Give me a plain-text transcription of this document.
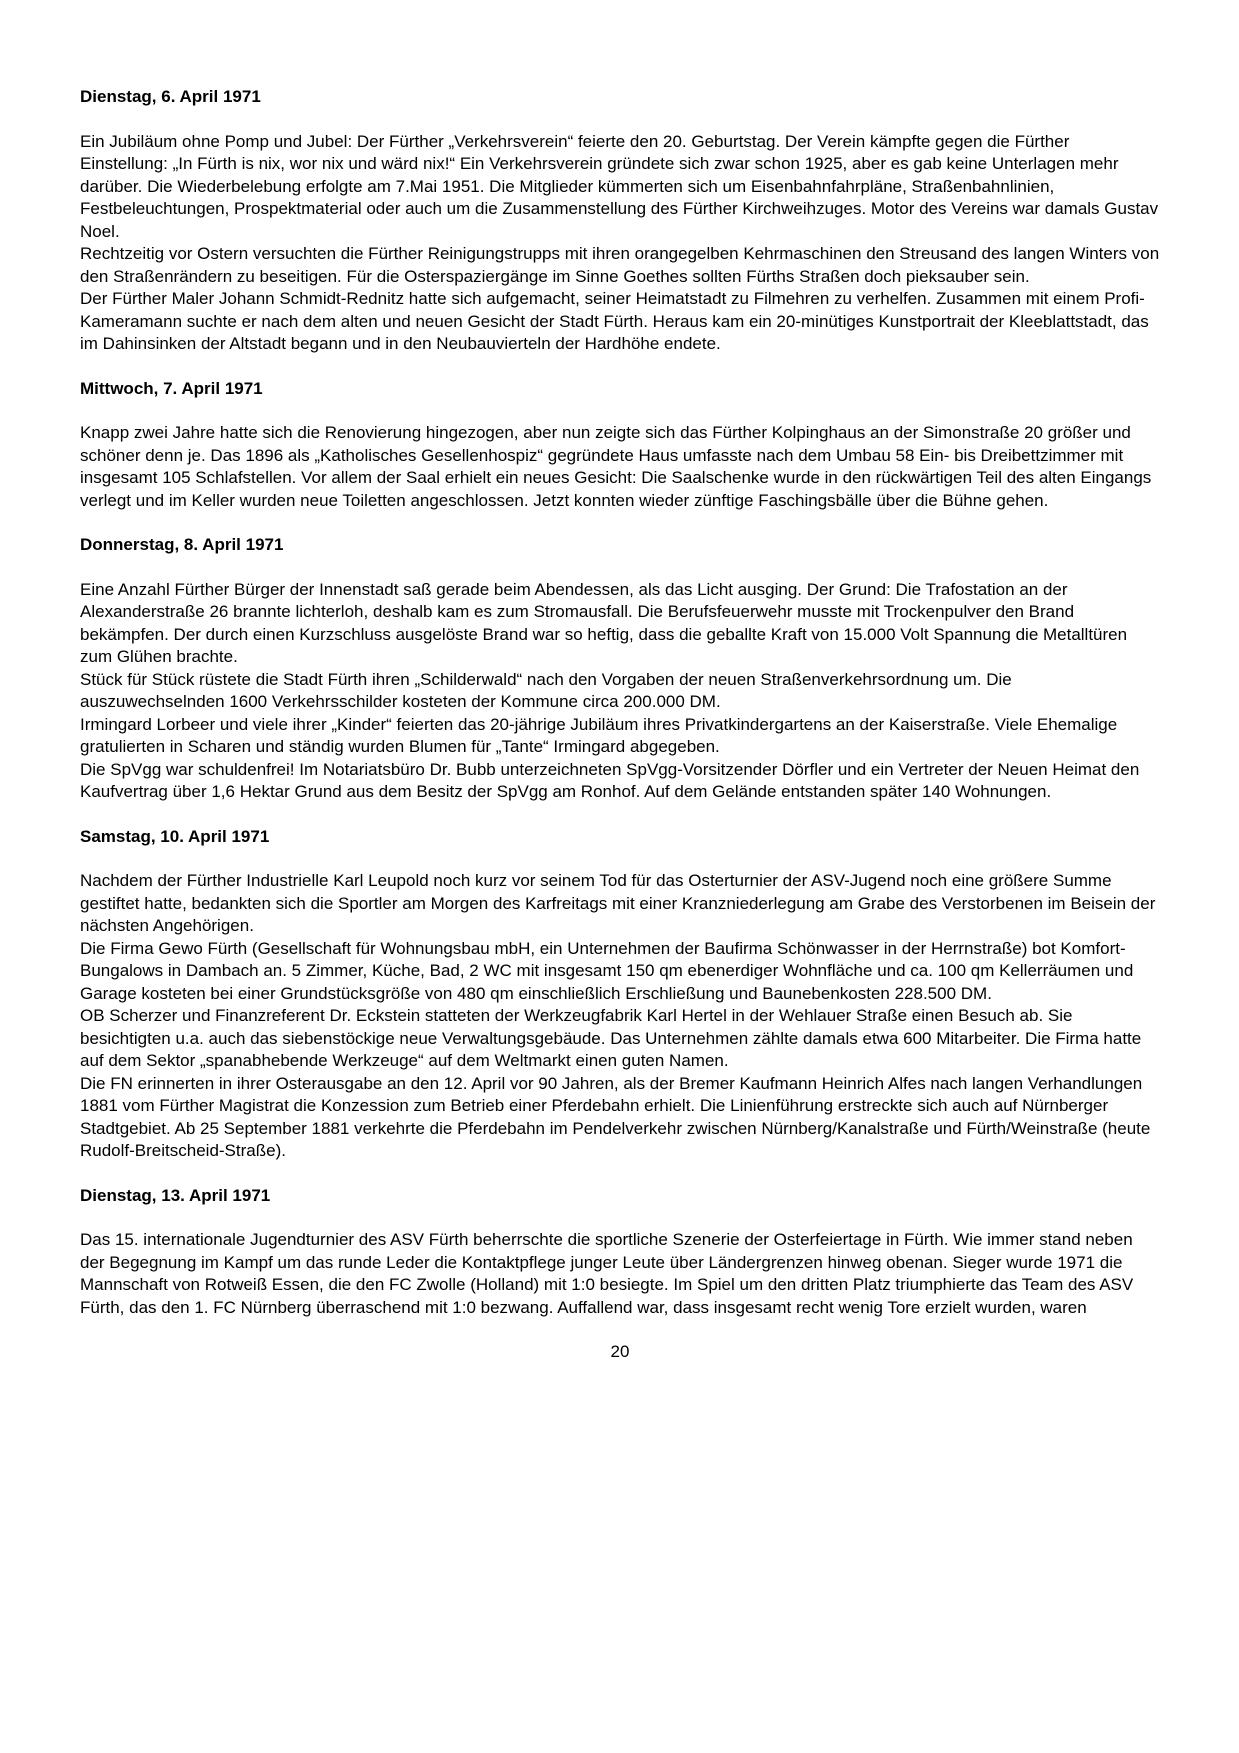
Dienstag, 6. April 1971

Ein Jubiläum ohne Pomp und Jubel: Der Fürther „Verkehrsverein“ feierte den 20. Geburtstag. Der Verein kämpfte gegen die Fürther Einstellung: „In Fürth is nix, wor nix und wärd nix!“ Ein Verkehrsverein gründete sich zwar schon 1925, aber es gab keine Unterlagen mehr darüber. Die Wiederbelebung erfolgte am 7.Mai 1951. Die Mitglieder kümmerten sich um Eisenbahnfahrpläne, Straßenbahnlinien, Festbeleuchtungen, Prospektmaterial oder auch um die Zusammenstellung des Fürther Kirchweihzuges. Motor des Vereins war damals Gustav Noel.

Rechtzeitig vor Ostern versuchten die Fürther Reinigungstrupps mit ihren orangegelben Kehrmaschinen den Streusand des langen Winters von den Straßenrändern zu beseitigen. Für die Osterspaziergänge im Sinne Goethes sollten Fürths Straßen doch pieksauber sein.

Der Fürther Maler Johann Schmidt-Rednitz hatte sich aufgemacht, seiner Heimatstadt zu Filmehren zu verhelfen. Zusammen mit einem Profi-Kameramann suchte er nach dem alten und neuen Gesicht der Stadt Fürth. Heraus kam ein 20-minütiges Kunstportrait der Kleeblattstadt, das im Dahinsinken der Altstadt begann und in den Neubauvierteln der Hardhöhe endete.

Mittwoch, 7. April 1971

Knapp zwei Jahre hatte sich die Renovierung hingezogen, aber nun zeigte sich das Fürther Kolpinghaus an der Simonstraße 20 größer und schöner denn je. Das 1896 als „Katholisches Gesellenhospiz“ gegründete Haus umfasste nach dem Umbau 58 Ein- bis Dreibettzimmer mit insgesamt 105 Schlafstellen. Vor allem der Saal erhielt ein neues Gesicht: Die Saalschenke wurde in den rückwärtigen Teil des alten Eingangs verlegt und im Keller wurden neue Toiletten angeschlossen. Jetzt konnten wieder zünftige Faschingsbälle über die Bühne gehen.

Donnerstag, 8. April 1971

Eine Anzahl Fürther Bürger der Innenstadt saß gerade beim Abendessen, als das Licht ausging. Der Grund: Die Trafostation an der Alexanderstraße 26 brannte lichterloh, deshalb kam es zum Stromausfall. Die Berufsfeuerwehr musste mit Trockenpulver den Brand bekämpfen. Der durch einen Kurzschluss ausgelöste Brand war so heftig, dass die geballte Kraft von 15.000 Volt Spannung die Metalltüren zum Glühen brachte.

Stück für Stück rüstete die Stadt Fürth ihren „Schilderwald“ nach den Vorgaben der neuen Straßenverkehrsordnung um. Die auszuwechselnden 1600 Verkehrsschilder kosteten der Kommune circa 200.000 DM.

Irmingard Lorbeer und viele ihrer „Kinder“ feierten das 20-jährige Jubiläum ihres Privatkindergartens an der Kaiserstraße. Viele Ehemalige gratulierten in Scharen und ständig wurden Blumen für „Tante“ Irmingard abgegeben.

Die SpVgg war schuldenfrei! Im Notariatsbüro Dr. Bubb unterzeichneten SpVgg-Vorsitzender Dörfler und ein Vertreter der Neuen Heimat den Kaufvertrag über 1,6 Hektar Grund aus dem Besitz der SpVgg am Ronhof. Auf dem Gelände entstanden später 140 Wohnungen.

Samstag, 10. April 1971

Nachdem der Fürther Industrielle Karl Leupold noch kurz vor seinem Tod für das Osterturnier der ASV-Jugend noch eine größere Summe gestiftet hatte, bedankten sich die Sportler am Morgen des Karfreitags mit einer Kranzniederlegung am Grabe des Verstorbenen im Beisein der nächsten Angehörigen.

Die Firma Gewo Fürth (Gesellschaft für Wohnungsbau mbH, ein Unternehmen der Baufirma Schönwasser in der Herrnstraße) bot Komfort-Bungalows in Dambach an. 5 Zimmer, Küche, Bad, 2 WC mit insgesamt 150 qm ebenerdiger Wohnfläche und ca. 100 qm Kellerräumen und Garage kosteten bei einer Grundstücksgröße von 480 qm einschließlich Erschließung und Baunebenkosten 228.500 DM.

OB Scherzer und Finanzreferent Dr. Eckstein statteten der Werkzeugfabrik Karl Hertel in der Wehlauer Straße einen Besuch ab. Sie besichtigten u.a. auch das siebenstöckige neue Verwaltungsgebäude. Das Unternehmen zählte damals etwa 600 Mitarbeiter. Die Firma hatte auf dem Sektor „spanabhebende Werkzeuge“ auf dem Weltmarkt einen guten Namen.

Die FN erinnerten in ihrer Osterausgabe an den 12. April vor 90 Jahren, als der Bremer Kaufmann Heinrich Alfes nach langen Verhandlungen 1881 vom Fürther Magistrat die Konzession zum Betrieb einer Pferdebahn erhielt. Die Linienführung erstreckte sich auch auf Nürnberger Stadtgebiet. Ab 25 September 1881 verkehrte die Pferdebahn im Pendelverkehr zwischen Nürnberg/Kanalstraße und Fürth/Weinstraße (heute Rudolf-Breitscheid-Straße).

Dienstag, 13. April 1971

Das 15. internationale Jugendturnier des ASV Fürth beherrschte die sportliche Szenerie der Osterfeiertage in Fürth. Wie immer stand neben der Begegnung im Kampf um das runde Leder die Kontaktpflege junger Leute über Ländergrenzen hinweg obenan. Sieger wurde 1971 die Mannschaft von Rotweiß Essen, die den FC Zwolle (Holland) mit 1:0 besiegte. Im Spiel um den dritten Platz triumphierte das Team des ASV Fürth, das den 1. FC Nürnberg überraschend mit 1:0 bezwang. Auffallend war, dass insgesamt recht wenig Tore erzielt wurden, waren

20
